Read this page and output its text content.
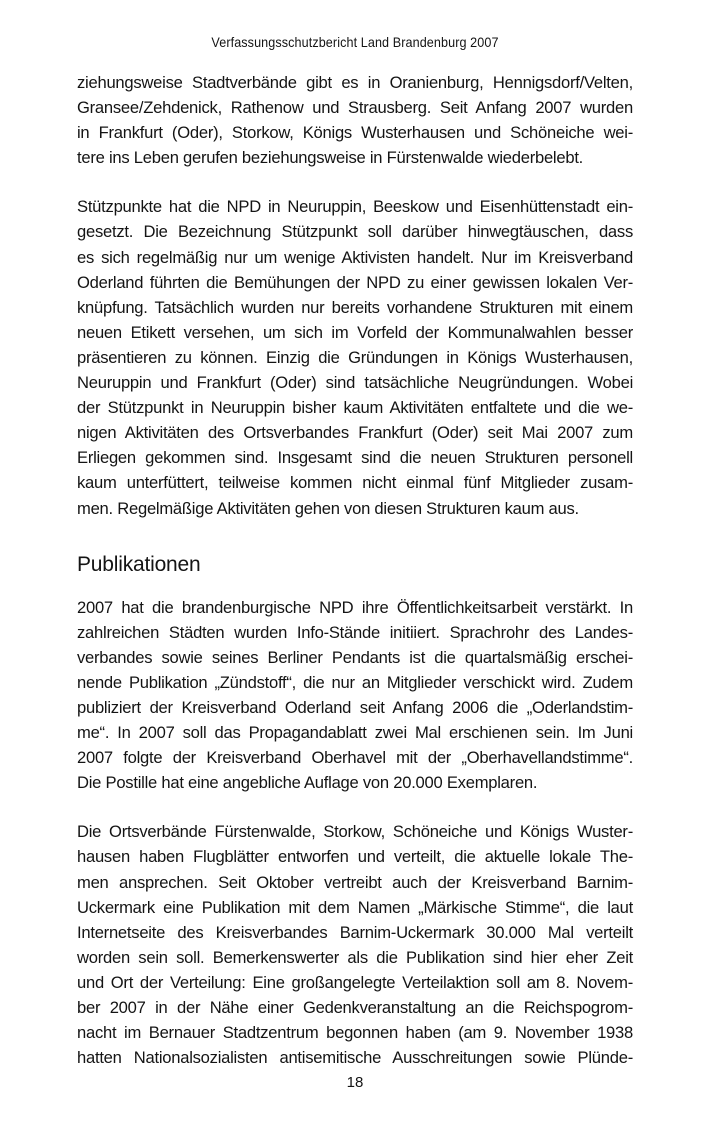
Verfassungsschutzbericht Land Brandenburg 2007

ziehungsweise Stadtverbände gibt es in Oranienburg, Hennigsdorf/Velten,
Gransee/Zehdenick, Rathenow und Strausberg. Seit Anfang 2007 wurden
in Frankfurt (Oder), Storkow, Königs Wusterhausen und Schöneiche wei-
tere ins Leben gerufen beziehungsweise in Fürstenwalde wiederbelebt.

Stützpunkte hat die NPD in Neuruppin, Beeskow und Eisenhüttenstadt ein-
gesetzt. Die Bezeichnung Stützpunkt soll darüber hinwegtäuschen, dass
es sich regelmäßig nur um wenige Aktivisten handelt. Nur im Kreisverband
Oderland führten die Bemühungen der NPD zu einer gewissen lokalen Ver-
knüpfung. Tatsächlich wurden nur bereits vorhandene Strukturen mit einem
neuen Etikett versehen, um sich im Vorfeld der Kommunalwahlen besser
präsentieren zu können. Einzig die Gründungen in Königs Wusterhausen,
Neuruppin und Frankfurt (Oder) sind tatsächliche Neugründungen. Wobei
der Stützpunkt in Neuruppin bisher kaum Aktivitäten entfaltete und die we-
nigen Aktivitäten des Ortsverbandes Frankfurt (Oder) seit Mai 2007 zum
Erliegen gekommen sind. Insgesamt sind die neuen Strukturen personell
kaum unterfüttert, teilweise kommen nicht einmal fünf Mitglieder zusam-
men. Regelmäßige Aktivitäten gehen von diesen Strukturen kaum aus.

Publikationen

2007 hat die brandenburgische NPD ihre Öffentlichkeitsarbeit verstärkt. In
zahlreichen Städten wurden Info-Stände initiiert. Sprachrohr des Landes-
verbandes sowie seines Berliner Pendants ist die quartalsmäßig erschei-
nende Publikation „Zündstoff“, die nur an Mitglieder verschickt wird. Zudem
publiziert der Kreisverband Oderland seit Anfang 2006 die „Oderlandstim-
me“. In 2007 soll das Propagandablatt zwei Mal erschienen sein. Im Juni
2007 folgte der Kreisverband Oberhavel mit der „Oberhavellandstimme“.
Die Postille hat eine angebliche Auflage von 20.000 Exemplaren.

Die Ortsverbände Fürstenwalde, Storkow, Schöneiche und Königs Wuster-
hausen haben Flugblätter entworfen und verteilt, die aktuelle lokale The-
men ansprechen. Seit Oktober vertreibt auch der Kreisverband Barnim-
Uckermark eine Publikation mit dem Namen „Märkische Stimme“, die laut
Internetseite des Kreisverbandes Barnim-Uckermark 30.000 Mal verteilt
worden sein soll. Bemerkenswerter als die Publikation sind hier eher Zeit
und Ort der Verteilung: Eine großangelegte Verteilaktion soll am 8. Novem-
ber 2007 in der Nähe einer Gedenkveranstaltung an die Reichspogrom-
nacht im Bernauer Stadtzentrum begonnen haben (am 9. November 1938
hatten Nationalsozialisten antisemitische Ausschreitungen sowie Plünde-

18
